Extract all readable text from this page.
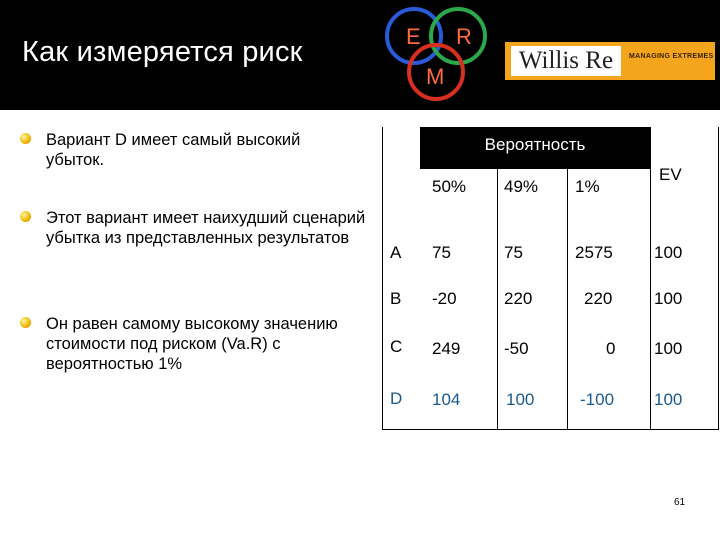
Как измеряется риск	E R
M
Willis Re	MANAGING EXTREMES
Вариант D имеет самый высокий убыток.
Этот вариант имеет наихудший сценарий убытка из представленных результатов
Он равен самому высокому значению стоимости под риском (Va.R) с вероятностью 1%
Вероятность
50% 49% 1%
EV
A 75	75	2575 100
B -20	220	220 100
C 249	-50	0 100
D 104	100	-100 100
61
